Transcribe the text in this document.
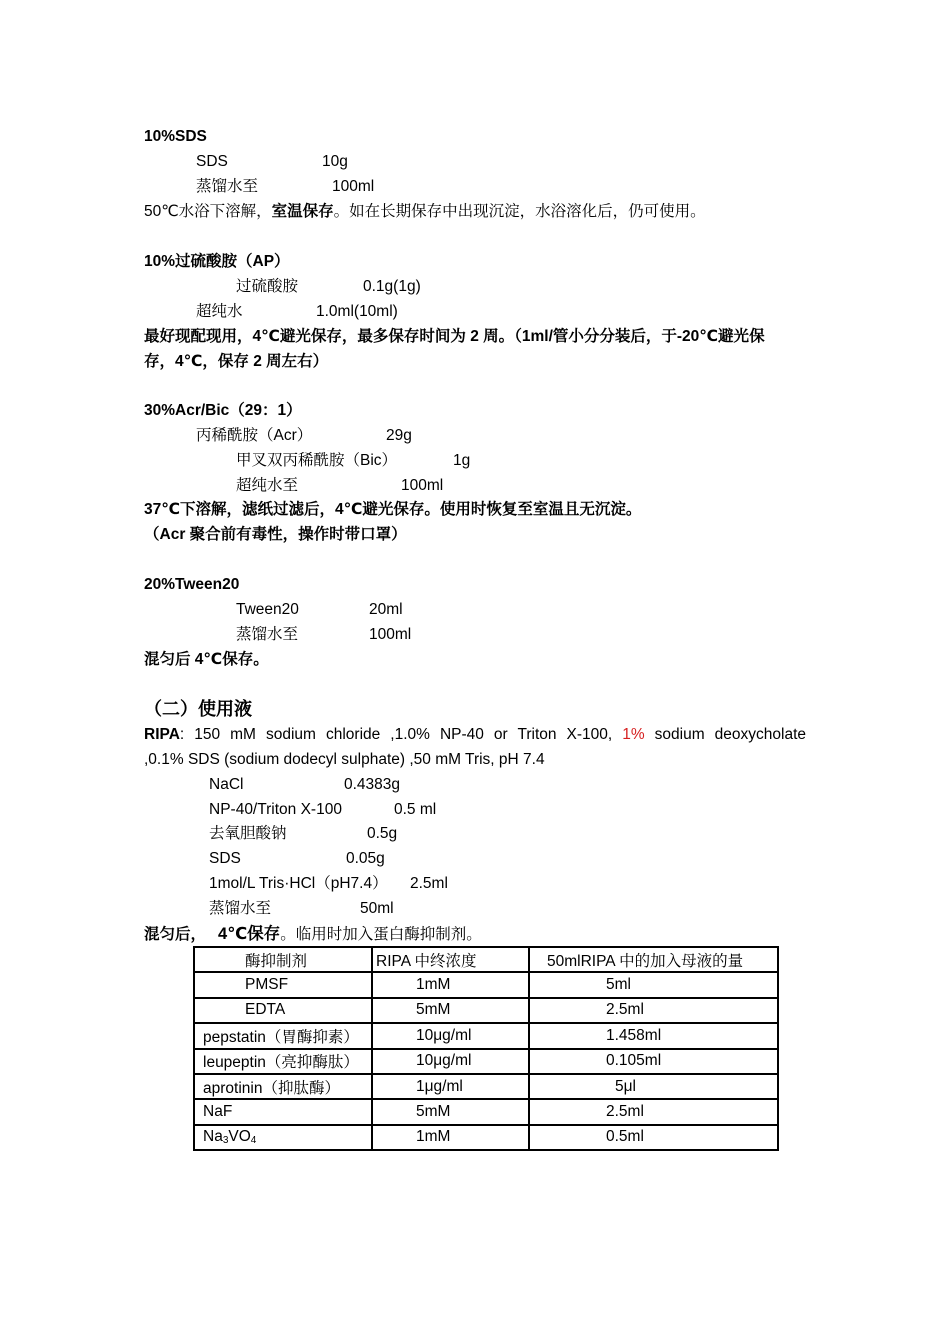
10%SDS
SDS	10g
蒸馏水至	100ml
50℃水浴下溶解，室温保存。如在长期保存中出现沉淀，水浴溶化后，仍可使用。
10%过硫酸胺（AP）
过硫酸胺	0.1g(1g)
超纯水	1.0ml(10ml)
最好现配现用，4℃避光保存，最多保存时间为 2 周。（1ml/管小分分装后，于-20℃避光保
存，4℃，保存 2 周左右）
30%Acr/Bic（29：1）
丙稀酰胺（Acr）	29g
甲叉双丙稀酰胺（Bic）	1g
超纯水至	100ml
37℃下溶解，滤纸过滤后，4℃避光保存。使用时恢复至室温且无沉淀。
（Acr 聚合前有毒性，操作时带口罩）
20%Tween20
Tween20	20ml
蒸馏水至	100ml
混匀后 4℃保存。
（二）使用液
RIPA: 150 mM sodium chloride ,1.0% NP-40 or Triton X-100, 1% sodium deoxycholate
,0.1% SDS (sodium dodecyl sulphate) ,50 mM Tris, pH 7.4
NaCl	0.4383g
NP-40/Triton X-100	0.5 ml
去氧胆酸钠	0.5g
SDS	0.05g
1mol/L Tris·HCl（pH7.4） 2.5ml
蒸馏水至	50ml
混匀后， 4℃保存。临用时加入蛋白酶抑制剂。
酶抑制剂	RIPA 中终浓度	50mlRIPA 中的加入母液的量
PMSF	1mM	5ml
EDTA	5mM	2.5ml
pepstatin（胃酶抑素）	10μg/ml	1.458ml
leupeptin（亮抑酶肽）	10μg/ml	0.105ml
aprotinin（抑肽酶）	1μg/ml	5μl
NaF	5mM	2.5ml
$Na_3VO_4$	1mM	0.5ml
